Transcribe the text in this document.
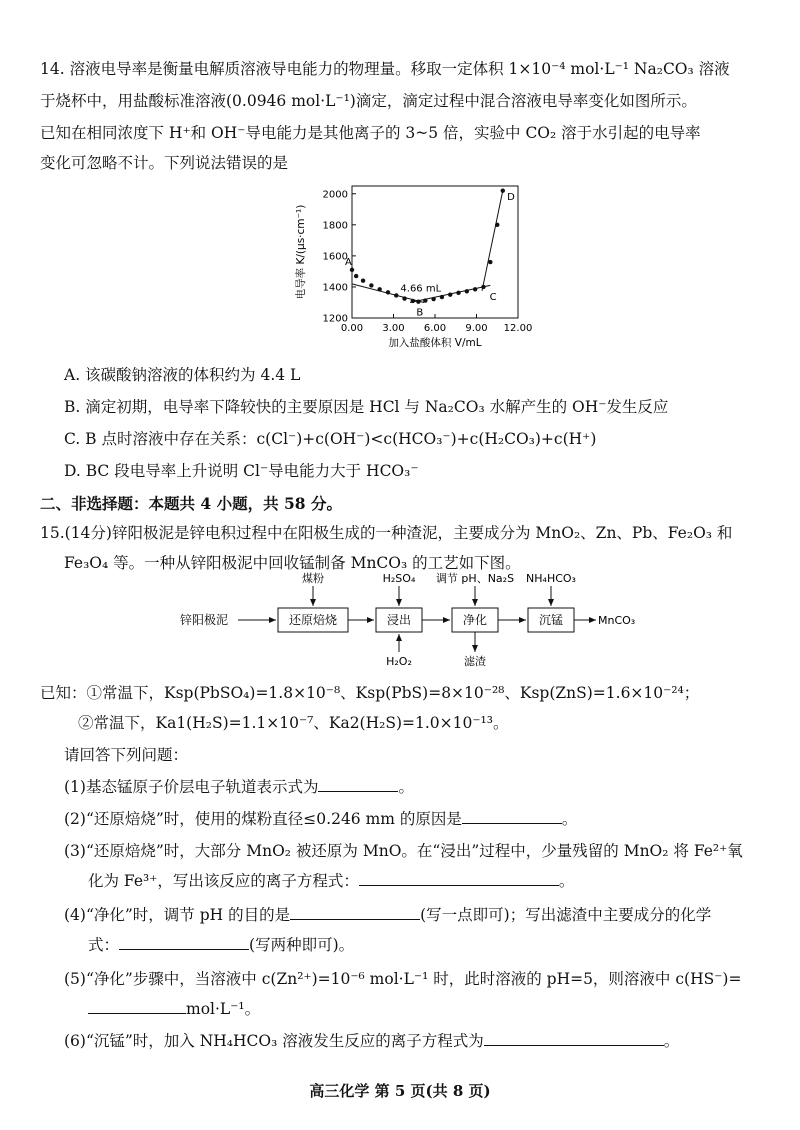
14. 溶液电导率是衡量电解质溶液导电能力的物理量。移取一定体积 1×10⁻⁴ mol·L⁻¹ Na₂CO₃ 溶液
于烧杯中，用盐酸标准溶液(0.0946 mol·L⁻¹)滴定，滴定过程中混合溶液电导率变化如图所示。
已知在相同浓度下 H⁺和 OH⁻导电能力是其他离子的 3~5 倍，实验中 CO₂ 溶于水引起的电导率
变化可忽略不计。下列说法错误的是
0.00 3.00 6.00 9.00 12.00
1200
1400
1600
1800
2000
加入盐酸体积 V/mL
电导率 K/(μs·cm⁻¹)	A
B
C
D
4.66 mL
A. 该碳酸钠溶液的体积约为 4.4 L
B. 滴定初期，电导率下降较快的主要原因是 HCl 与 Na₂CO₃ 水解产生的 OH⁻发生反应
C. B 点时溶液中存在关系：c(Cl⁻)+c(OH⁻)<c(HCO₃⁻)+c(H₂CO₃)+c(H⁺)
D. BC 段电导率上升说明 Cl⁻导电能力大于 HCO₃⁻
二、非选择题：本题共 4 小题，共 58 分。
15.(14分)锌阳极泥是锌电积过程中在阳极生成的一种渣泥，主要成分为 MnO₂、Zn、Pb、Fe₂O₃ 和
Fe₃O₄ 等。一种从锌阳极泥中回收锰制备 MnCO₃ 的工艺如下图。
锌阳极泥	还原焙烧	浸出	净化	沉锰	MnCO₃
煤粉	H₂SO₄ 调节 pH、Na₂S NH₄HCO₃
H₂O₂	滤渣
已知：①常温下，Ksp(PbSO₄)=1.8×10⁻⁸、Ksp(PbS)=8×10⁻²⁸、Ksp(ZnS)=1.6×10⁻²⁴；
②常温下，Ka1(H₂S)=1.1×10⁻⁷、Ka2(H₂S)=1.0×10⁻¹³。
请回答下列问题：
(1)基态锰原子价层电子轨道表示式为	。
(2)“还原焙烧”时，使用的煤粉直径≤0.246 mm 的原因是	。
(3)“还原焙烧”时，大部分 MnO₂ 被还原为 MnO。在“浸出”过程中，少量残留的 MnO₂ 将 Fe²⁺氧
化为 Fe³⁺，写出该反应的离子方程式：	。
(4)“净化”时，调节 pH 的目的是	(写一点即可)；写出滤渣中主要成分的化学
式：	(写两种即可)。
(5)“净化”步骤中，当溶液中 c(Zn²⁺)=10⁻⁶ mol·L⁻¹ 时，此时溶液的 pH=5，则溶液中 c(HS⁻)=
mol·L⁻¹。
(6)“沉锰”时，加入 NH₄HCO₃ 溶液发生反应的离子方程式为	。
高三化学 第 5 页(共 8 页)
